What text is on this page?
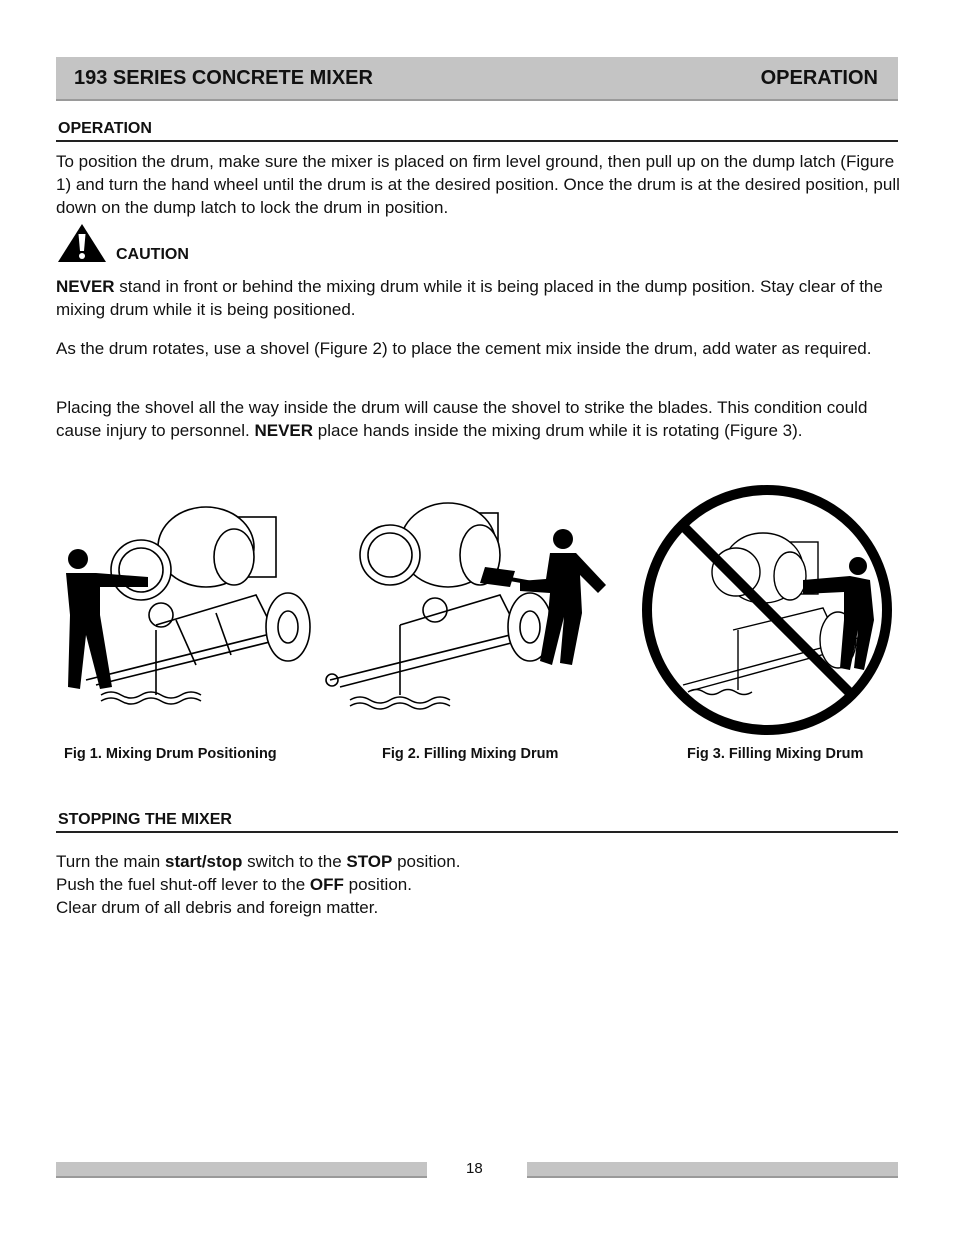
193 SERIES CONCRETE MIXER	OPERATION
OPERATION

To position the drum, make sure the mixer is placed on firm level ground, then pull up on the dump latch (Figure 1) and turn the hand wheel until the drum is at the desired position. Once the drum is at the desired position, pull down on the dump latch to lock the drum in position.

CAUTION

NEVER stand in front or behind the mixing drum while it is being placed in the dump position. Stay clear of the mixing drum while it is being positioned.

As the drum rotates, use a shovel (Figure 2) to place the cement mix inside the drum, add water as required.

Placing the shovel all the way inside the drum will cause the shovel to strike the blades. This condition could cause injury to personnel. NEVER place hands inside the mixing drum while it is rotating (Figure 3).

Fig 1. Mixing Drum Positioning	Fig 2. Filling Mixing Drum	Fig 3. Filling Mixing Drum
STOPPING THE MIXER

Turn the main start/stop switch to the STOP position.

Push the fuel shut-off lever to the OFF position.

Clear drum of all debris and foreign matter.

18
